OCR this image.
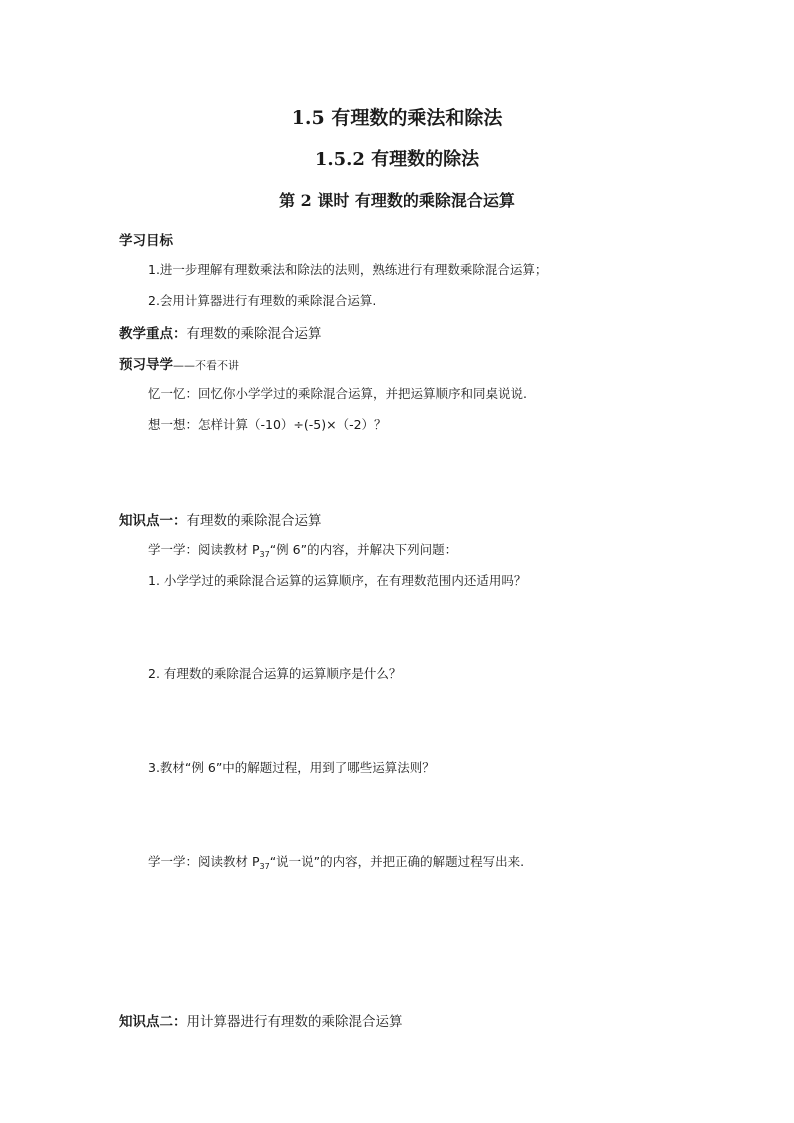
1.5 有理数的乘法和除法
1.5.2 有理数的除法
第 2 课时 有理数的乘除混合运算
学习目标
1.进一步理解有理数乘法和除法的法则，熟练进行有理数乘除混合运算；
2.会用计算器进行有理数的乘除混合运算.
教学重点：有理数的乘除混合运算
预习导学——不看不讲
忆一忆：回忆你小学学过的乘除混合运算，并把运算顺序和同桌说说.
想一想：怎样计算（-10）÷(-5)×（-2）？
知识点一：有理数的乘除混合运算
学一学：阅读教材 $P_{37}“$例 6”的内容，并解决下列问题：
1. 小学学过的乘除混合运算的运算顺序，在有理数范围内还适用吗？
2. 有理数的乘除混合运算的运算顺序是什么？
3.教材“例 6”中的解题过程，用到了哪些运算法则？
学一学：阅读教材 $P_{37}“$说一说”的内容，并把正确的解题过程写出来.
知识点二：用计算器进行有理数的乘除混合运算
